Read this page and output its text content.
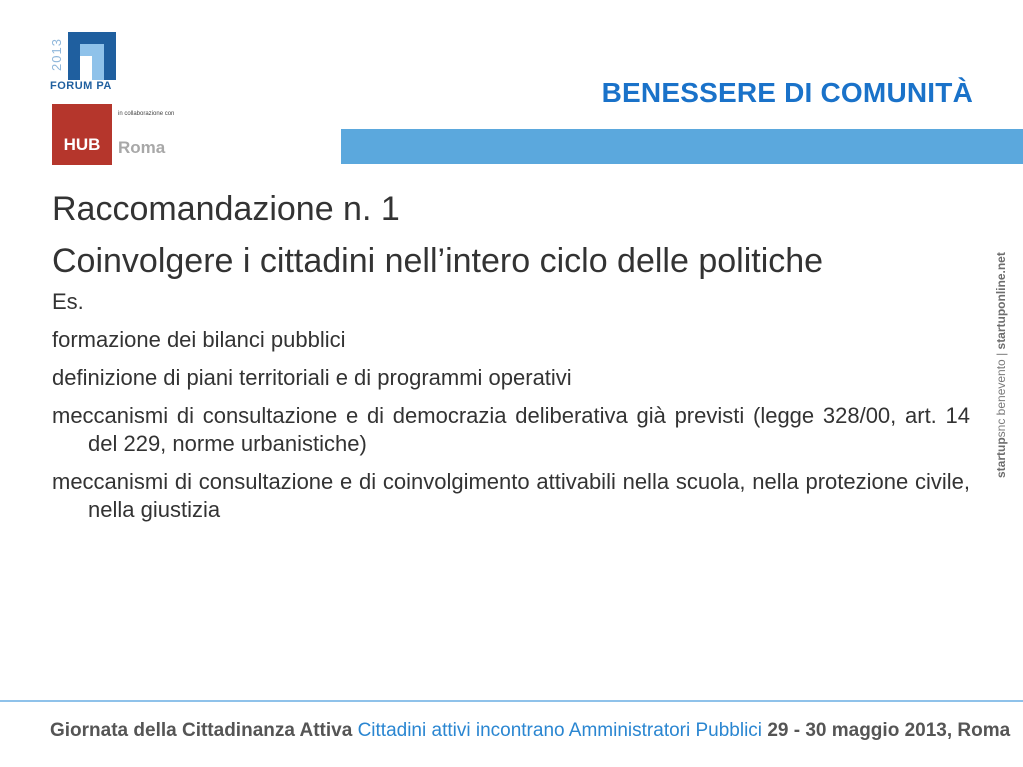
2013
FORUM PA
in collaborazione con
HUB Roma
BENESSERE DI COMUNITÀ

Raccomandazione n. 1

Coinvolgere i cittadini nell’intero ciclo delle politiche

Es.

formazione dei bilanci pubblici

definizione di piani territoriali e di programmi operativi

meccanismi di consultazione e di democrazia deliberativa già previsti (legge 328/00, art. 14 del 229, norme urbanistiche)

meccanismi di consultazione e di coinvolgimento attivabili nella scuola, nella protezione civile, nella giustizia

startupsnc benevento | startuponline.net
Giornata della Cittadinanza Attiva Cittadini attivi incontrano Amministratori Pubblici 29 - 30 maggio 2013, Roma
